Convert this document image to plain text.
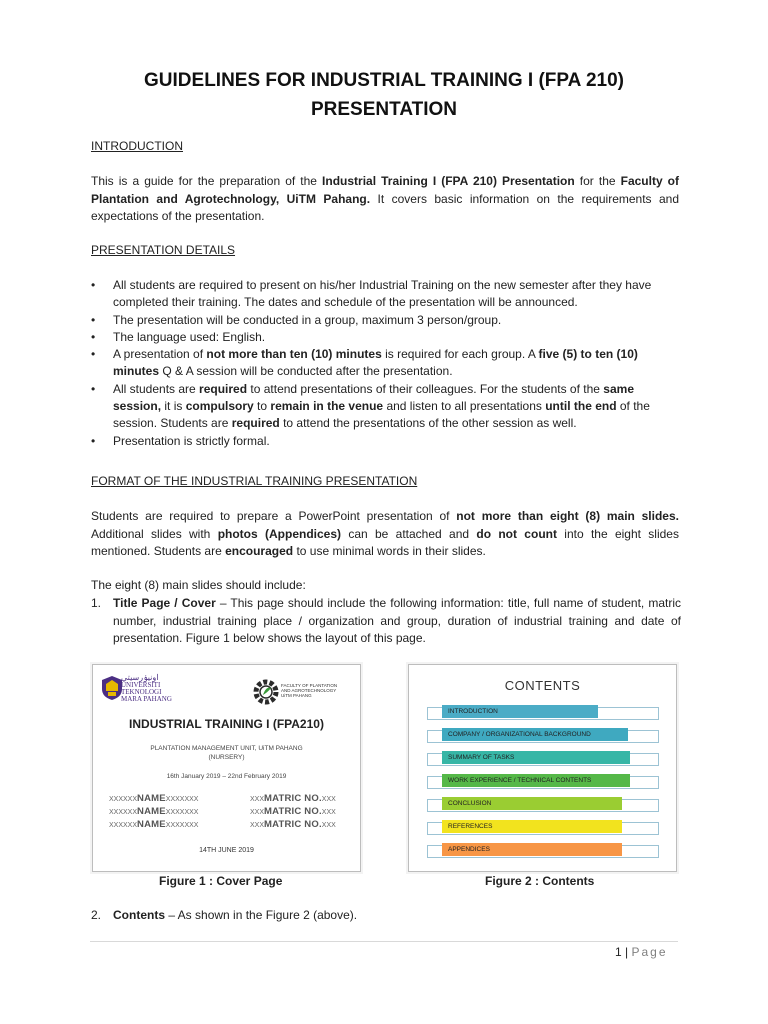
GUIDELINES FOR INDUSTRIAL TRAINING I (FPA 210)
PRESENTATION
INTRODUCTION
This is a guide for the preparation of the Industrial Training I (FPA 210) Presentation for the Faculty of Plantation and Agrotechnology, UiTM Pahang. It covers basic information on the requirements and expectations of the presentation.
PRESENTATION DETAILS
• All students are required to present on his/her Industrial Training on the new semester after they have completed their training. The dates and schedule of the presentation will be announced.
• The presentation will be conducted in a group, maximum 3 person/group.
• The language used: English.
• A presentation of not more than ten (10) minutes is required for each group. A five (5) to ten (10) minutes Q & A session will be conducted after the presentation.
• All students are required to attend presentations of their colleagues. For the students of the same session, it is compulsory to remain in the venue and listen to all presentations until the end of the session. Students are required to attend the presentations of the other session as well.
• Presentation is strictly formal.
FORMAT OF THE INDUSTRIAL TRAINING PRESENTATION
Students are required to prepare a PowerPoint presentation of not more than eight (8) main slides. Additional slides with photos (Appendices) can be attached and do not count into the eight slides mentioned. Students are encouraged to use minimal words in their slides.
The eight (8) main slides should include:
1. Title Page / Cover – This page should include the following information: title, full name of student, matric number, industrial training place / organization and group, duration of industrial training and date of presentation. Figure 1 below shows the layout of this page.
اونيۏرسيتي
UNIVERSITI
TEKNOLOGI
MARA PAHANG
FACULTY OF PLANTATION
AND AGROTECHNOLOGY
UiTM PAHANG
INDUSTRIAL TRAINING I (FPA210)
PLANTATION MANAGEMENT UNIT, UiTM PAHANG
(NURSERY)
16th January 2019 – 22nd February 2019
XXXXXXNAMEXXXXXXX
XXXXXXNAMEXXXXXXX
XXXXXXNAMEXXXXXXX
XXXMATRIC NO.XXX
XXXMATRIC NO.XXX
XXXMATRIC NO.XXX
14TH JUNE 2019
Figure 1 : Cover Page
CONTENTS
INTRODUCTION
COMPANY / ORGANIZATIONAL BACKGROUND
SUMMARY OF TASKS
WORK EXPERIENCE / TECHNICAL CONTENTS
CONCLUSION
REFERENCES
APPENDICES
Figure 2 : Contents
2. Contents – As shown in the Figure 2 (above).
1 | Page
